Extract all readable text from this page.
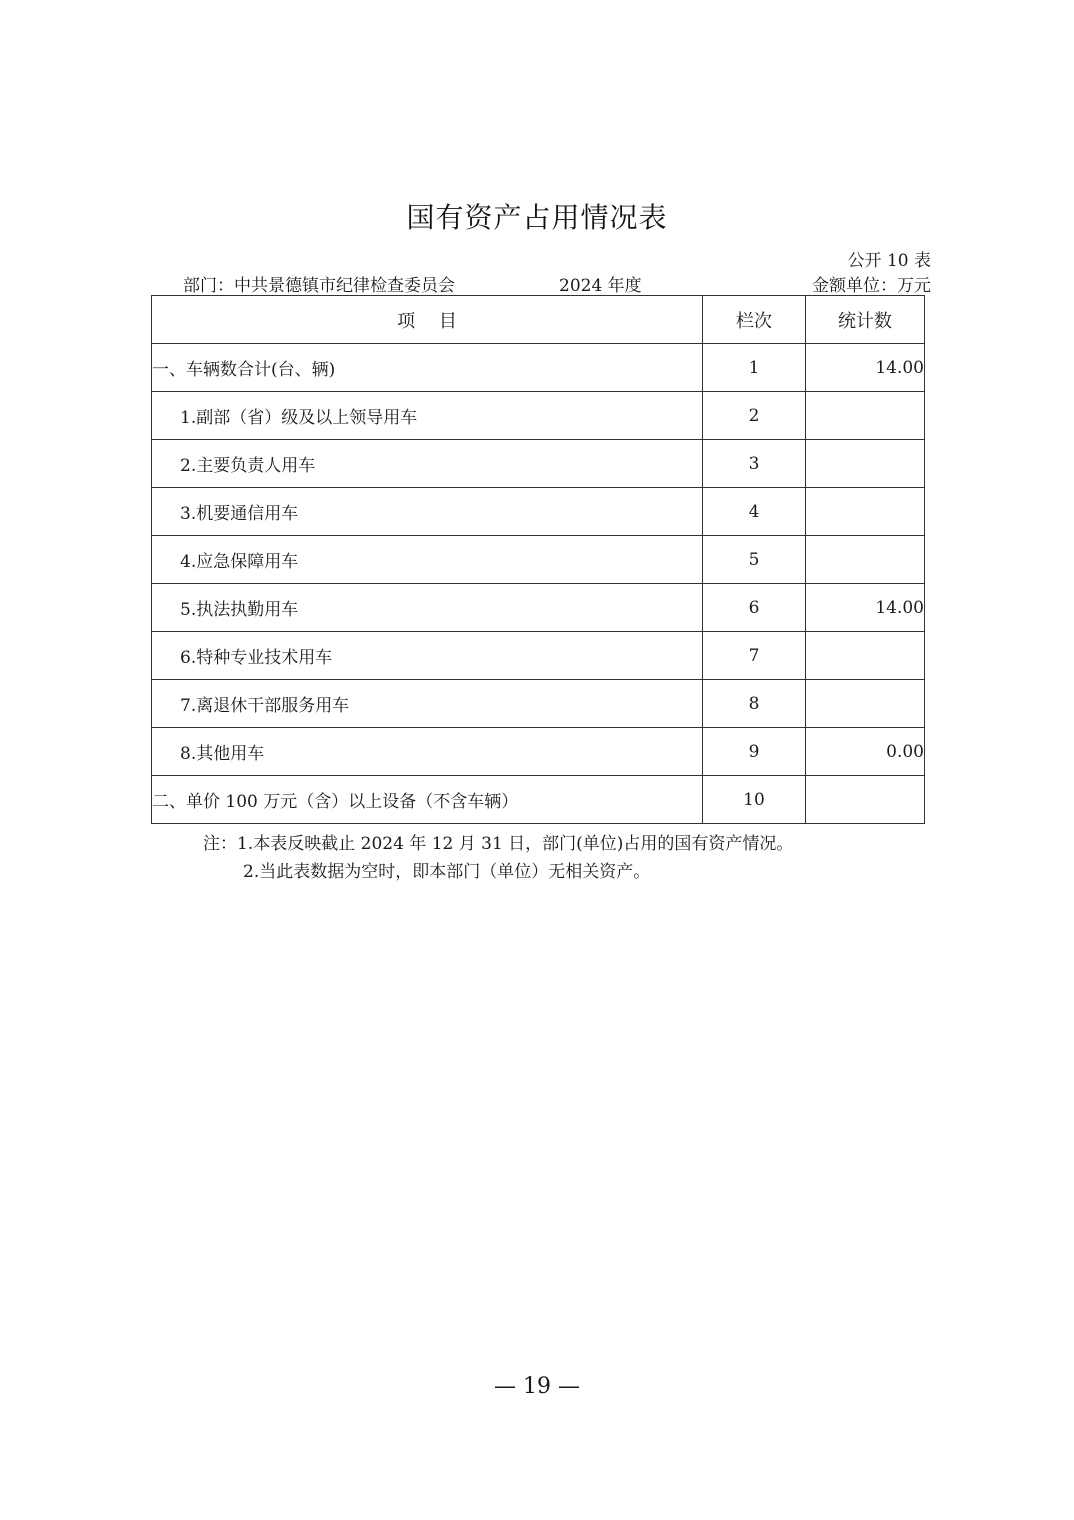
国有资产占用情况表
公开 10 表
部门：中共景德镇市纪律检查委员会	2024 年度	金额单位：万元
项　 目	栏次	统计数
一、车辆数合计(台、辆)	1	14.00
1.副部（省）级及以上领导用车	2	
2.主要负责人用车	3	
3.机要通信用车	4	
4.应急保障用车	5	
5.执法执勤用车	6	14.00
6.特种专业技术用车	7	
7.离退休干部服务用车	8	
8.其他用车	9	0.00
二、单价 100 万元（含）以上设备（不含车辆）	10	
注：1.本表反映截止 2024 年 12 月 31 日，部门(单位)占用的国有资产情况。
2.当此表数据为空时，即本部门（单位）无相关资产。
— 19 —
